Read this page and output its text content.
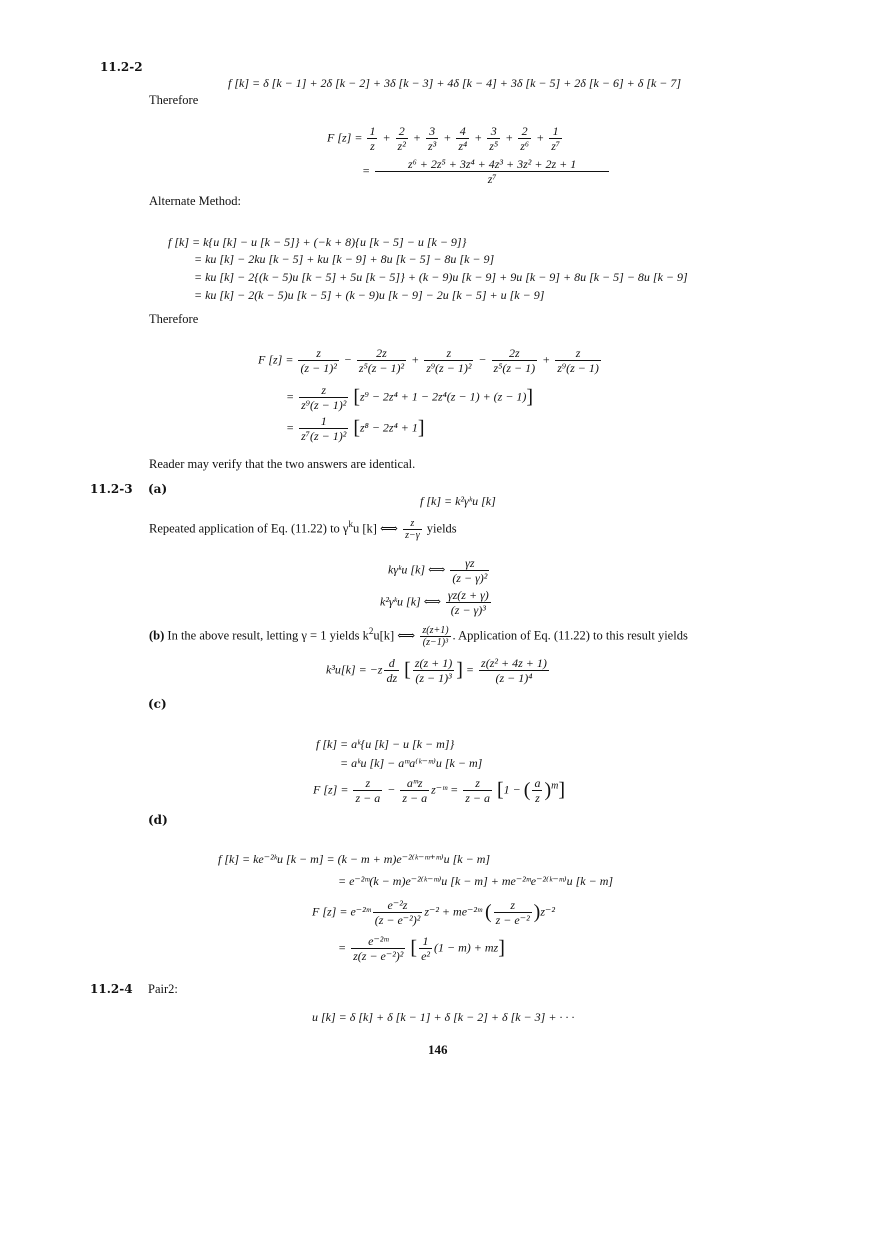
11.2-2
11.2-3
11.2-4
f [k] = δ [k − 1] + 2δ [k − 2] + 3δ [k − 3] + 4δ [k − 4] + 3δ [k − 5] + 2δ [k − 6] + δ [k − 7]
Therefore
F $[z] = \frac{1}{z} + \frac{2}{\text{z²}} + \frac{3}{\text{z³}} + \frac{4}{\text{z⁴}} + \frac{3}{\text{z⁵}} + \frac{2}{\text{z⁶}} + \frac{1}{\text{z⁷}}$
= $\frac{\text{z⁶ + 2z⁵ + 3z⁴ + 4z³ + 3z² + 2z + 1}}{\text{z⁷}}$
Alternate Method:
f [k] = k{u [k] − u [k − 5]} + (−k + 8){u [k − 5] − u [k − 9]}
= ku [k] − 2ku [k − 5] + ku [k − 9] + 8u [k − 5] − 8u [k − 9]
= ku [k] − 2{(k − 5)u [k − 5] + 5u [k − 5]} + (k − 9)u [k − 9] + 9u [k − 9] + 8u [k − 5] − 8u [k − 9]
= ku [k] − 2(k − 5)u [k − 5] + (k − 9)u [k − 9] − 2u [k − 5] + u [k − 9]
Therefore
F $[z] = \frac{z}{\text{(z − 1)²}} - \frac{2z}{\text{z⁵(z − 1)²}} + \frac{z}{\text{z⁹(z − 1)²}} - \frac{2z}{\text{z⁵(z − 1)}} + \frac{z}{\text{z⁹(z − 1)}}$
= $\frac{z}{\text{z⁹(z − 1)²}} [z^9 - 2z^4 + 1 - 2z^4(z - 1) + (z - 1)]$
= $\frac{1}{\text{z⁷(z − 1)²}} [z^8 - 2z^4 + 1]$
Reader may verify that the two answers are identical.
(a)
f [k] = k²γᵏu [k]
Repeated application of Eq. (11.22) to $\gamma^ku$ [k] ⟺ $\frac{z}{z-\gamma}$ yields
kγᵏu [k] ⟺ $\frac{\gamma z}{\text{(z − γ)²}}$
k²γᵏu [k] ⟺ $\frac{\gamma z(z + \gamma)}{\text{(z − γ)³}}$
(b) In the above result, letting γ = 1 yields $k^2u[k]$ ⟺ $\frac{z(z+1)}{\text{(z−1)³}}$ . Application of Eq. (11.22) to this result yields
$k^3u[k] = -z \frac{d}{dz}$ [ $\frac{z(z + 1)}{\text{(z − 1)³}}$ ] = $\frac{\text{z(z² + 4z + 1)}}{\text{(z − 1)⁴}}$
(c)
f [k] = aᵏ{u [k] − u [k − m]}
= aᵏu [k] − aᵐa⁽ᵏ⁻ᵐ⁾u [k − m]
F $[z] = \frac{z}{z - a} - \frac{\text{aᵐz}}{z - a}$ z⁻ᵐ = $\frac{z}{z - a} [1$ − ( $\frac{a}{z} )^m$]
(d)
f [k] = ke⁻²ᵏu [k − m] = (k − m + m)e⁻²⁽ᵏ⁻ᵐ⁺ᵐ⁾u [k − m]
= e⁻²ᵐ(k − m)e⁻²⁽ᵏ⁻ᵐ⁾u [k − m] + me⁻²ᵐe⁻²⁽ᵏ⁻ᵐ⁾u [k − m]
F [z] = e⁻²ᵐ $\frac{\text{e⁻²z}}{\text{(z − e⁻²)²}} z^{-2}$ + me⁻²ᵐ ( $\frac{z}{\text{z − e⁻²}} )z^{-2}$
= $\frac{\text{e⁻²ᵐ}}{\text{z(z − e⁻²)²}}$ [ $\frac{1}{\text{e²}} (1 - m) + mz$]
Pair2:
u [k] = δ [k] + δ [k − 1] + δ [k − 2] + δ [k − 3] + · · ·
146
